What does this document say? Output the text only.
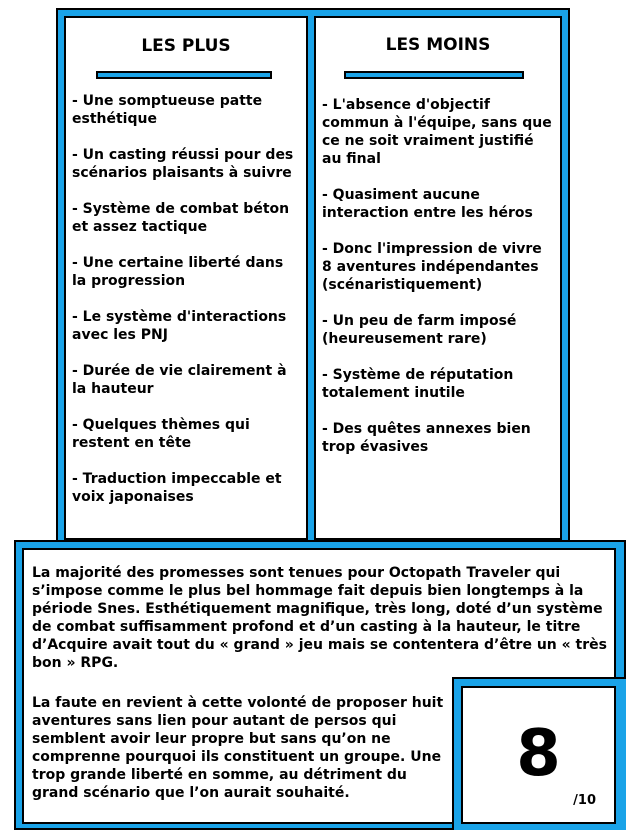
LES PLUS
- Une somptueuse patte esthétique
- Un casting réussi pour des scénarios plaisants à suivre
- Système de combat béton et assez tactique
- Une certaine liberté dans la progression
- Le système d'interactions avec les PNJ
- Durée de vie clairement à la hauteur
- Quelques thèmes qui restent en tête
- Traduction impeccable et voix japonaises
LES MOINS
- L'absence d'objectif commun à l'équipe, sans que ce ne soit vraiment justifié au final
- Quasiment aucune interaction entre les héros
- Donc l'impression de vivre 8 aventures indépendantes (scénaristiquement)
- Un peu de farm imposé (heureusement rare)
- Système de réputation totalement inutile
- Des quêtes annexes bien trop évasives

La majorité des promesses sont tenues pour Octopath Traveler qui s’impose comme le plus bel hommage fait depuis bien longtemps à la période Snes. Esthétiquement magnifique, très long, doté d’un système de combat suffisamment profond et d’un casting à la hauteur, le titre d’Acquire avait tout du « grand » jeu mais se contentera d’être un « très bon » RPG.

La faute en revient à cette volonté de proposer huit aventures sans lien pour autant de persos qui semblent avoir leur propre but sans qu’on ne comprenne pourquoi ils constituent un groupe. Une trop grande liberté en somme, au détriment du grand scénario que l’on aurait souhaité.

8
/10
